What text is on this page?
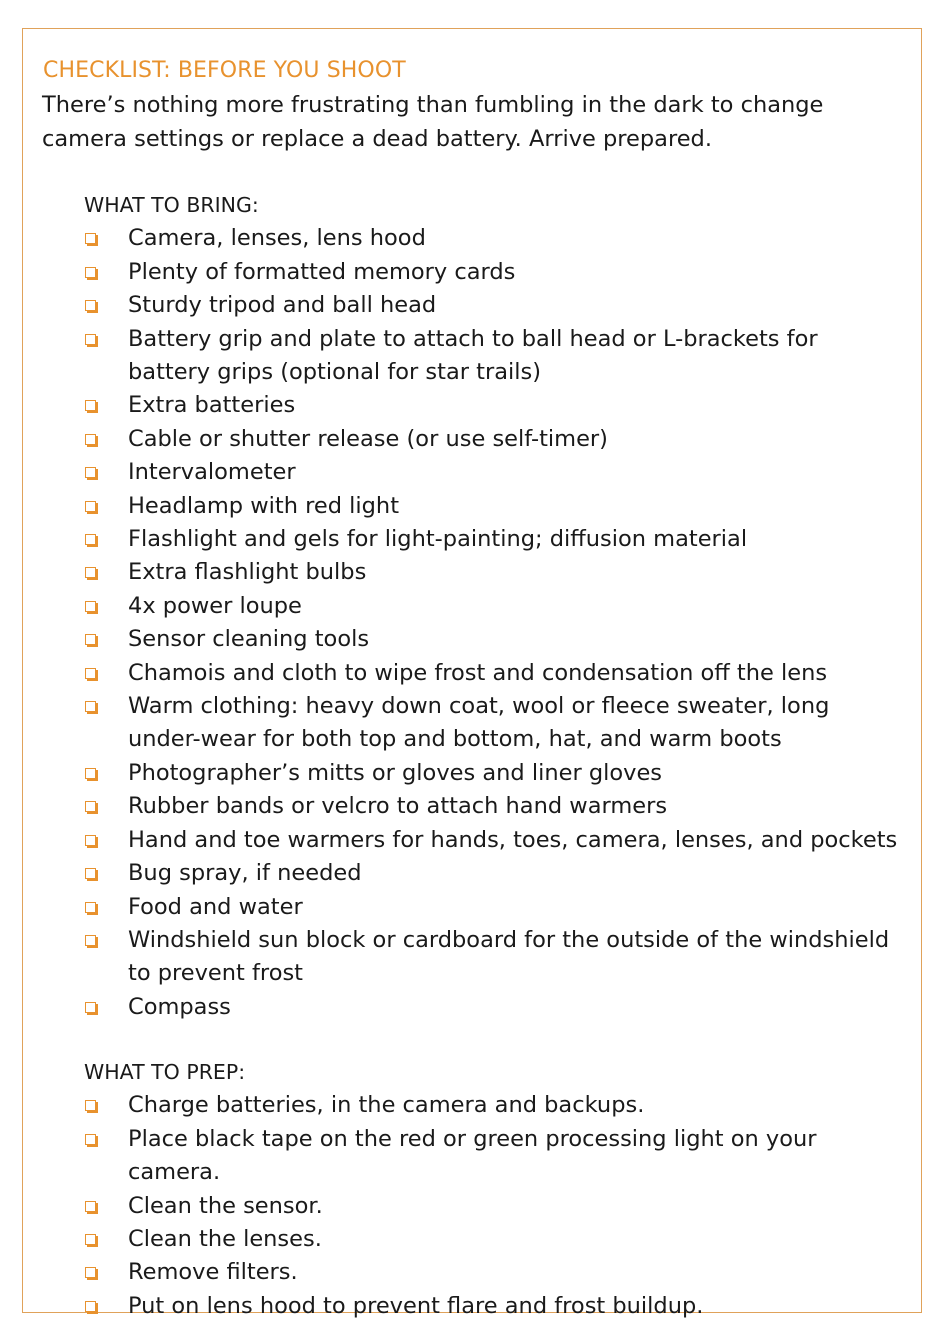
CHECKLIST: BEFORE YOU SHOOT
There’s nothing more frustrating than fumbling in the dark to change camera settings or replace a dead battery. Arrive prepared.
WHAT TO BRING:
Camera, lenses, lens hood
Plenty of formatted memory cards
Sturdy tripod and ball head
Battery grip and plate to attach to ball head or L-brackets for battery grips (optional for star trails)
Extra batteries
Cable or shutter release (or use self-timer)
Intervalometer
Headlamp with red light
Flashlight and gels for light-painting; diffusion material
Extra flashlight bulbs
4x power loupe
Sensor cleaning tools
Chamois and cloth to wipe frost and condensation off the lens
Warm clothing: heavy down coat, wool or fleece sweater, long under-wear for both top and bottom, hat, and warm boots
Photographer’s mitts or gloves and liner gloves
Rubber bands or velcro to attach hand warmers
Hand and toe warmers for hands, toes, camera, lenses, and pockets
Bug spray, if needed
Food and water
Windshield sun block or cardboard for the outside of the windshield to prevent frost
Compass
WHAT TO PREP:
Charge batteries, in the camera and backups.
Place black tape on the red or green processing light on your camera.
Clean the sensor.
Clean the lenses.
Remove filters.
Put on lens hood to prevent flare and frost buildup.
